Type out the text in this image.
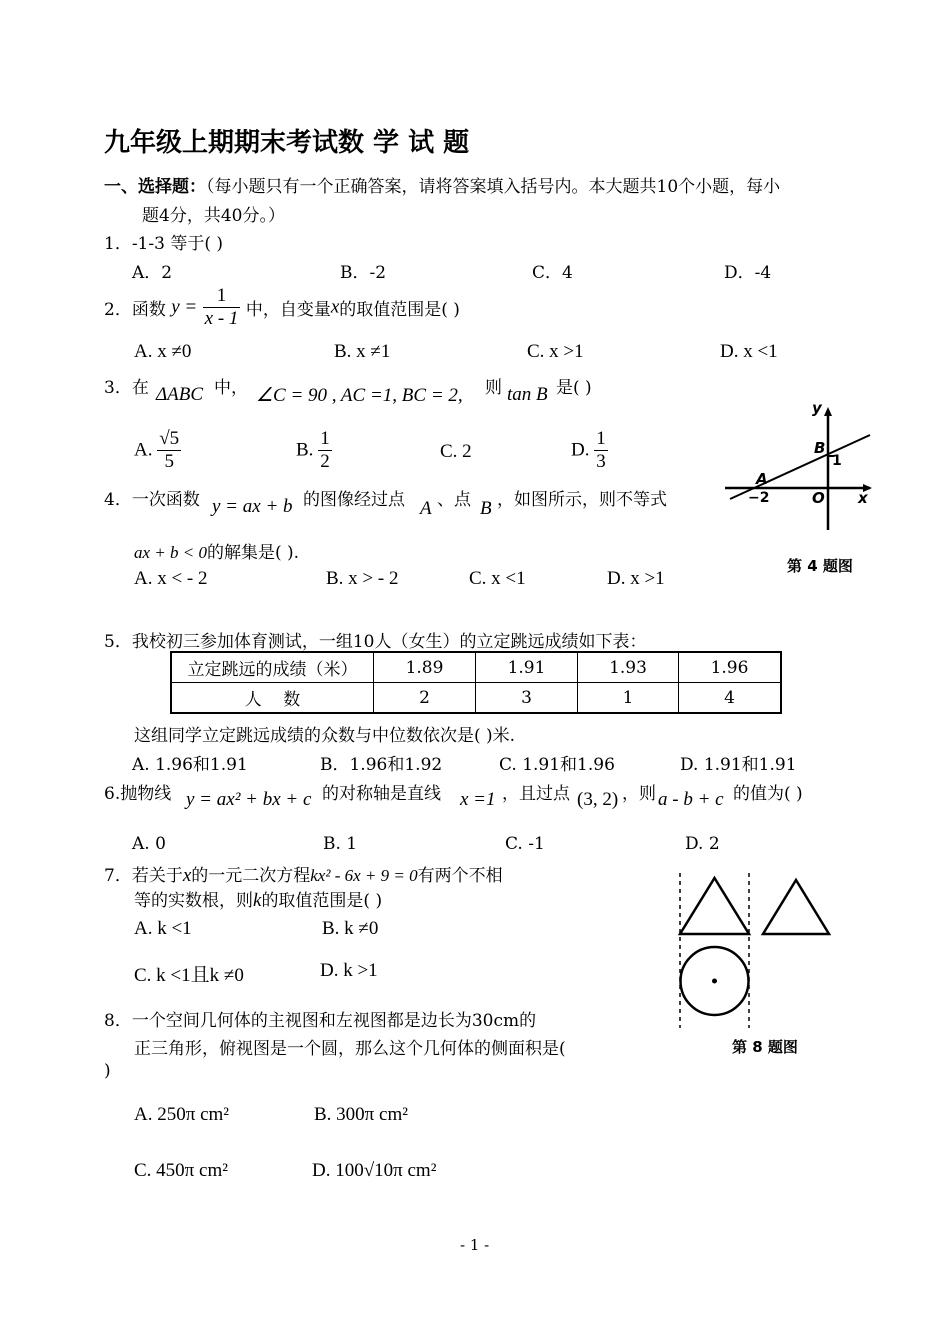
九年级上期期末考试数 学 试 题
一、选择题：（每小题只有一个正确答案，请将答案填入括号内。本大题共10个小题，每小
题4分，共40分。）
1．-1-3 等于( )
A．2	B．-2	C．4	D．-4
2．函数 $y = \frac{1}{x - 1}$ 中，自变量x的取值范围是( )
A. x ≠0	B. x ≠1	C. x >1	D. x <1
3．在 ΔABC 中， ∠C = 90 , AC =1, BC = 2, 则 tan B 是( )
A. $\frac{√5}{5}$	B. $\frac{1}{2}$	C. 2	D. $\frac{1}{3}$
4．一次函数 y = ax + b 的图像经过点 A 、点 B ，如图所示，则不等式
ax + b < 0的解集是( ).
A. x < - 2	B. x > - 2	C. x <1	D. x >1
y
B
1
A
−2	O x
第 4 题图
5．我校初三参加体育测试，一组10人（女生）的立定跳远成绩如下表：
立定跳远的成绩（米）	1.89	1.91	1.93	1.96
人    数	2	3	1	4
这组同学立定跳远成绩的众数与中位数依次是( )米.
A. 1.96和1.91	B．1.96和1.92	C. 1.91和1.96	D. 1.91和1.91
6.抛物线 y = ax² + bx + c 的对称轴是直线 x =1 ，且过点 (3, 2) ，则 a - b + c 的值为( )
A. 0	B. 1	C. -1	D. 2
7．若关于x的一元二次方程kx² - 6x + 9 = 0有两个不相
等的实数根，则k的取值范围是( )
A. k <1	B. k ≠0
C. k <1且k ≠0	D. k >1
第 8 题图
8．一个空间几何体的主视图和左视图都是边长为30cm的
正三角形，俯视图是一个圆，那么这个几何体的侧面积是(
)
A. 250π cm²	B. 300π cm²
C. 450π cm²	D. 100√10π cm²
- 1 -
